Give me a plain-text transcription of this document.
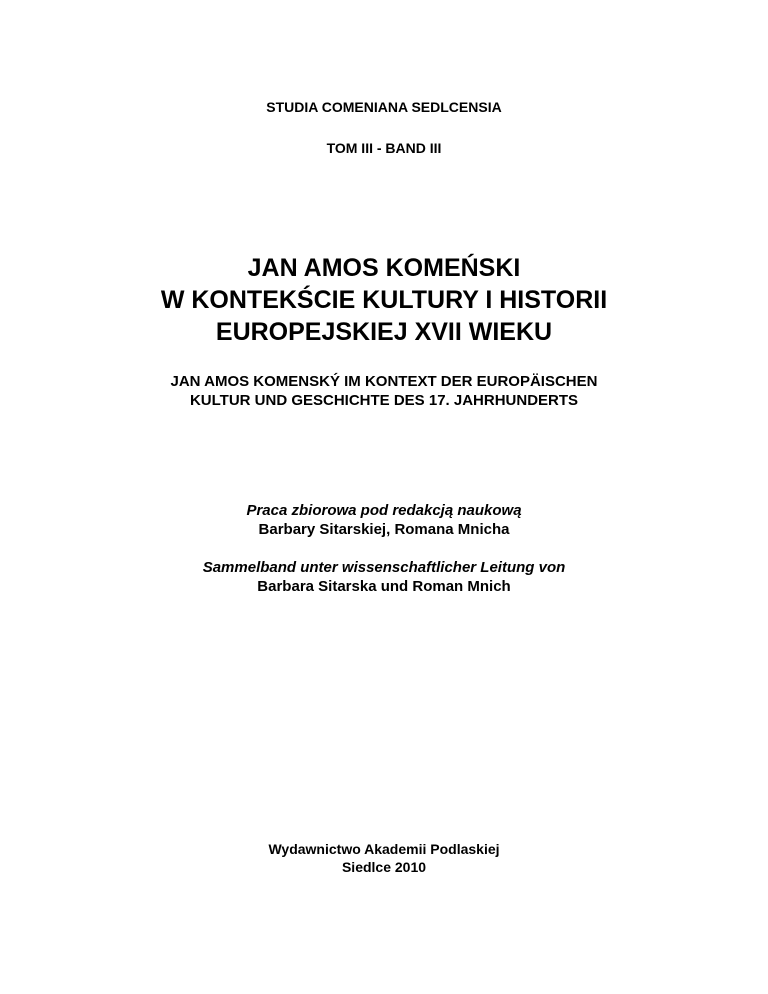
STUDIA COMENIANA SEDLCENSIA
TOM III - BAND III
JAN AMOS KOMEŃSKI
W KONTEKŚCIE KULTURY I HISTORII
EUROPEJSKIEJ XVII WIEKU
JAN AMOS KOMENSKÝ IM KONTEXT DER EUROPÄISCHEN
KULTUR UND GESCHICHTE DES 17. JAHRHUNDERTS
Praca zbiorowa pod redakcją naukową
Barbary Sitarskiej, Romana Mnicha
Sammelband unter wissenschaftlicher Leitung von
Barbara Sitarska und Roman Mnich
Wydawnictwo Akademii Podlaskiej
Siedlce 2010
